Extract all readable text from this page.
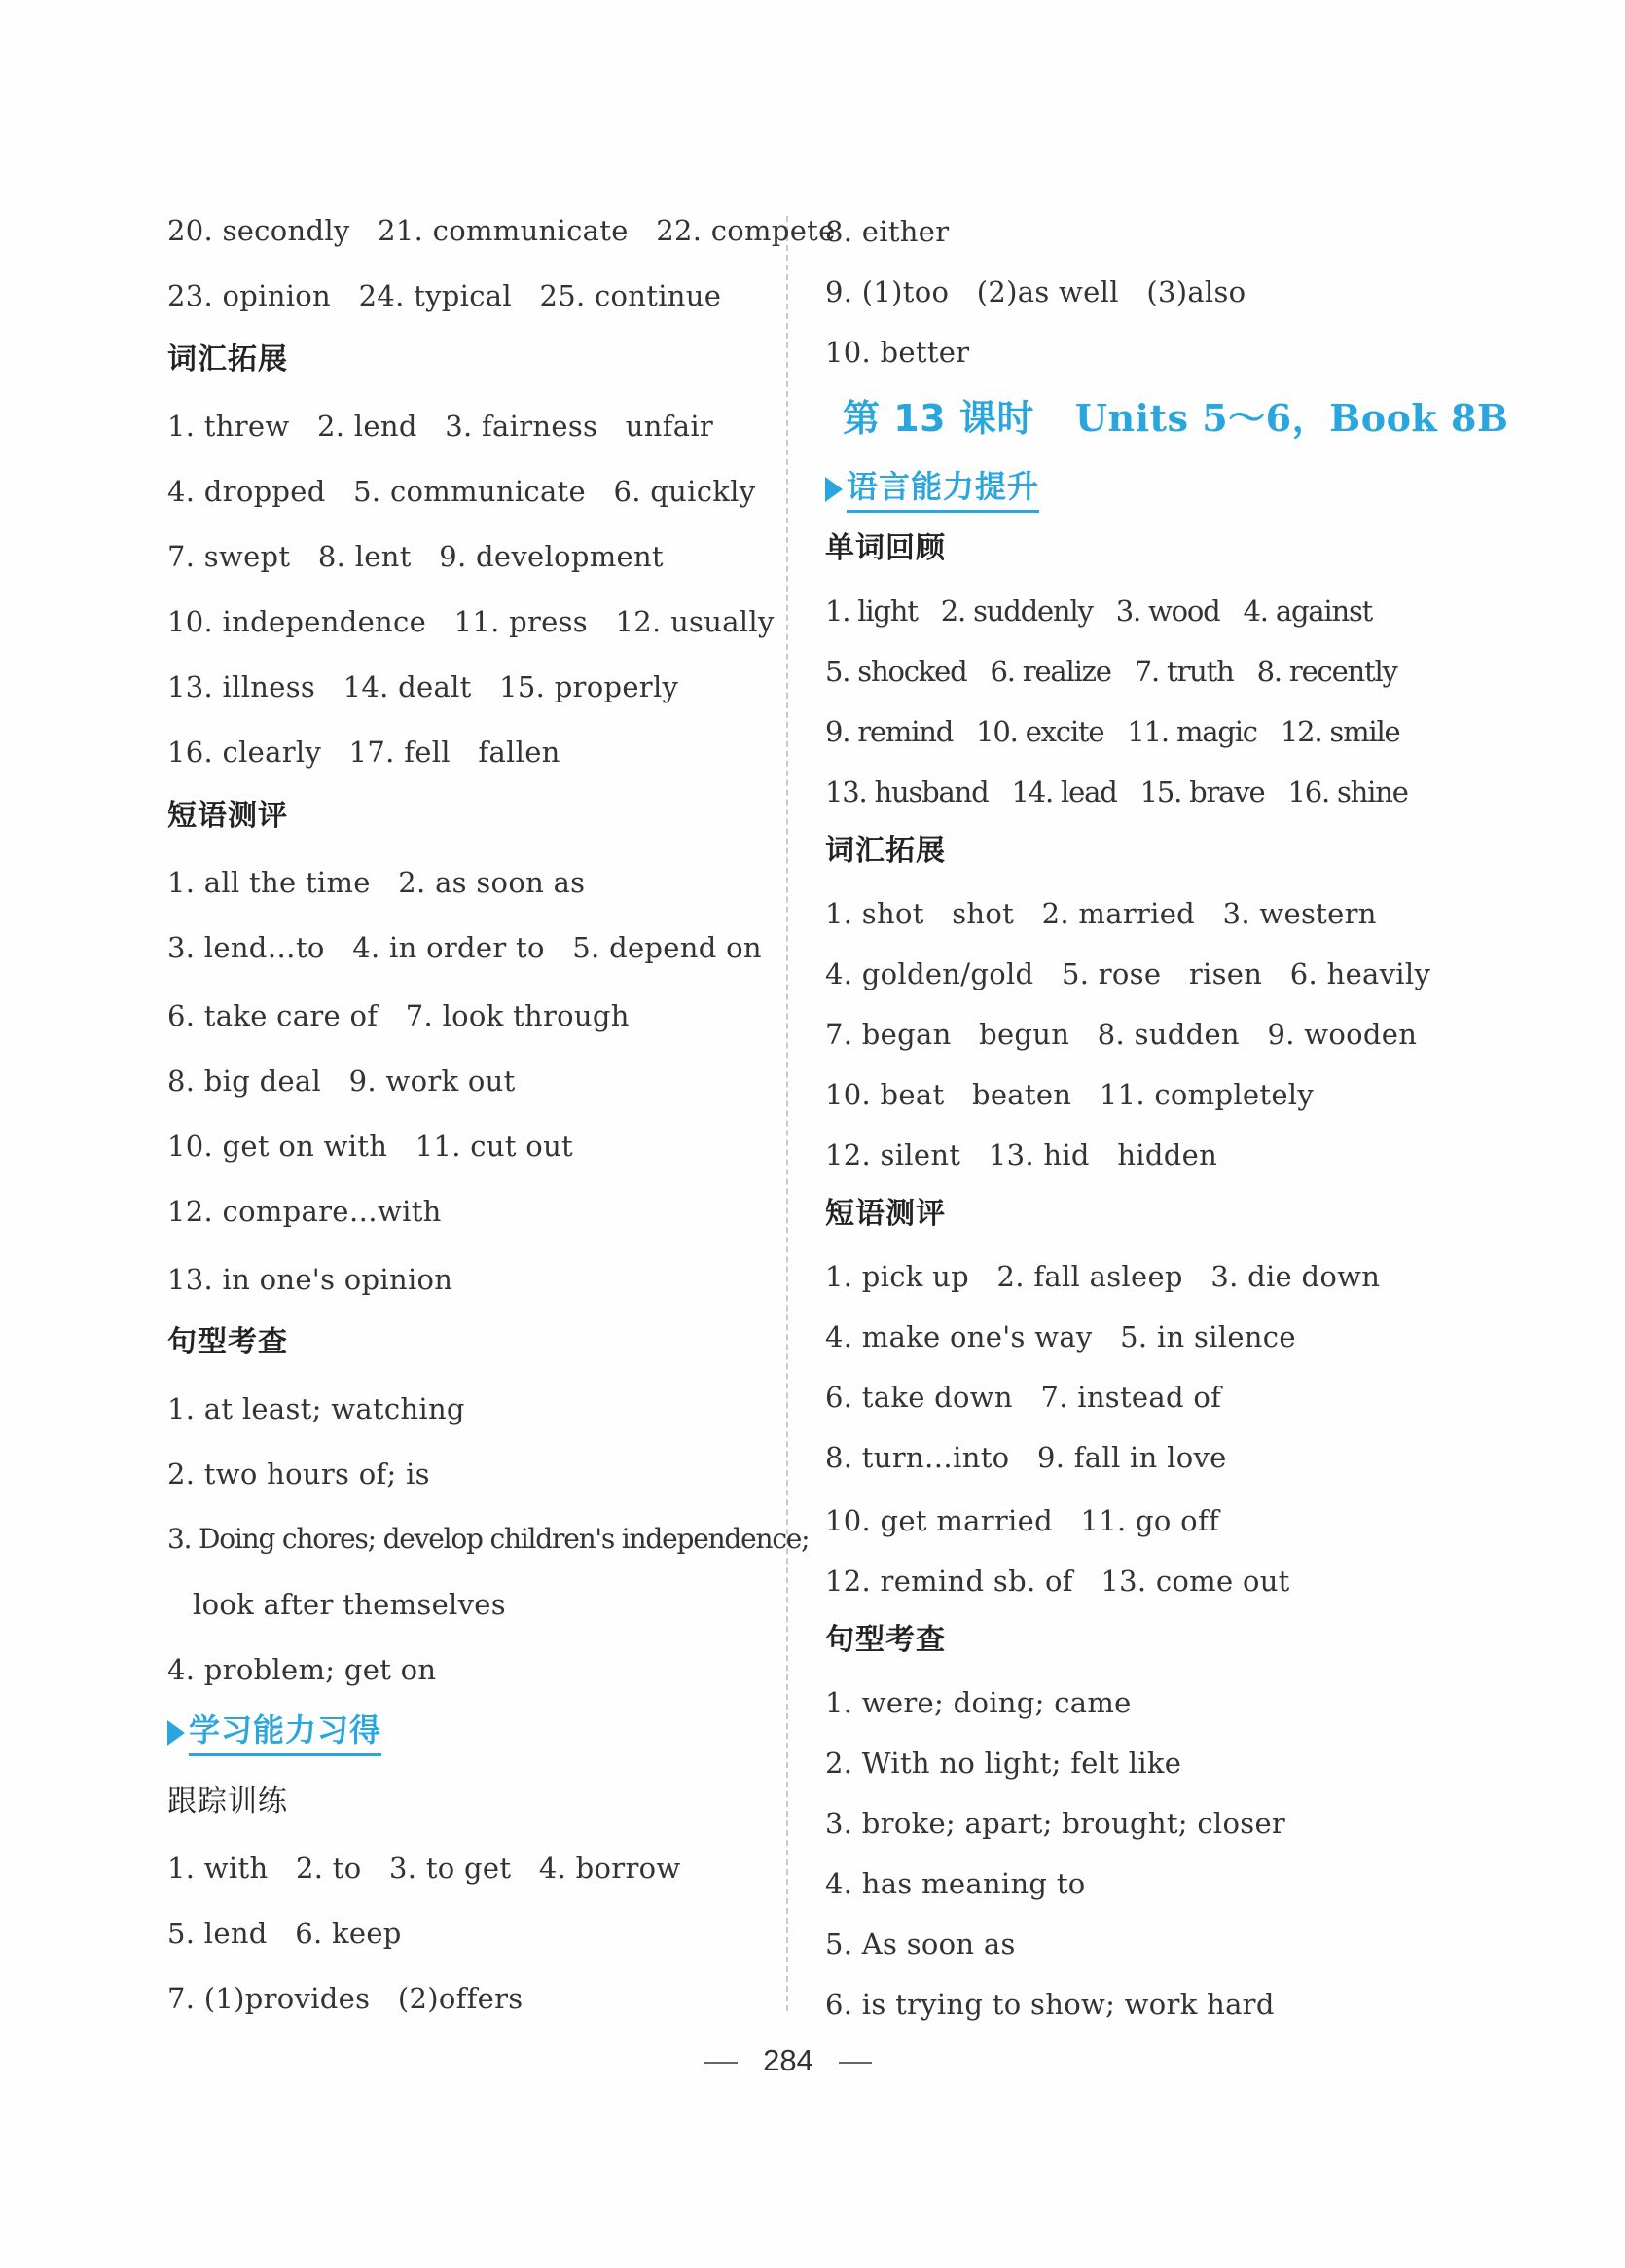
20. secondly   21. communicate   22. compete
23. opinion   24. typical   25. continue
词汇拓展
1. threw   2. lend   3. fairness   unfair
4. dropped   5. communicate   6. quickly
7. swept   8. lent   9. development
10. independence   11. press   12. usually
13. illness   14. dealt   15. properly
16. clearly   17. fell   fallen
短语测评
1. all the time   2. as soon as
3. lend…to   4. in order to   5. depend on
6. take care of   7. look through
8. big deal   9. work out
10. get on with   11. cut out
12. compare…with
13. in one's opinion
句型考查
1. at least; watching
2. two hours of; is
3. Doing chores; develop children's independence;
look after themselves
4. problem; get on
学习能力习得
跟踪训练
1. with   2. to   3. to get   4. borrow
5. lend   6. keep
7. (1)provides   (2)offers
8. either
9. (1)too   (2)as well   (3)also
10. better
第 13 课时 Units 5～6，Book 8B
语言能力提升
单词回顾
1. light   2. suddenly   3. wood   4. against
5. shocked   6. realize   7. truth   8. recently
9. remind   10. excite   11. magic   12. smile
13. husband   14. lead   15. brave   16. shine
词汇拓展
1. shot   shot   2. married   3. western
4. golden/gold   5. rose   risen   6. heavily
7. began   begun   8. sudden   9. wooden
10. beat   beaten   11. completely
12. silent   13. hid   hidden
短语测评
1. pick up   2. fall asleep   3. die down
4. make one's way   5. in silence
6. take down   7. instead of
8. turn…into   9. fall in love
10. get married   11. go off
12. remind sb. of   13. come out
句型考查
1. were; doing; came
2. With no light; felt like
3. broke; apart; brought; closer
4. has meaning to
5. As soon as
6. is trying to show; work hard
284
